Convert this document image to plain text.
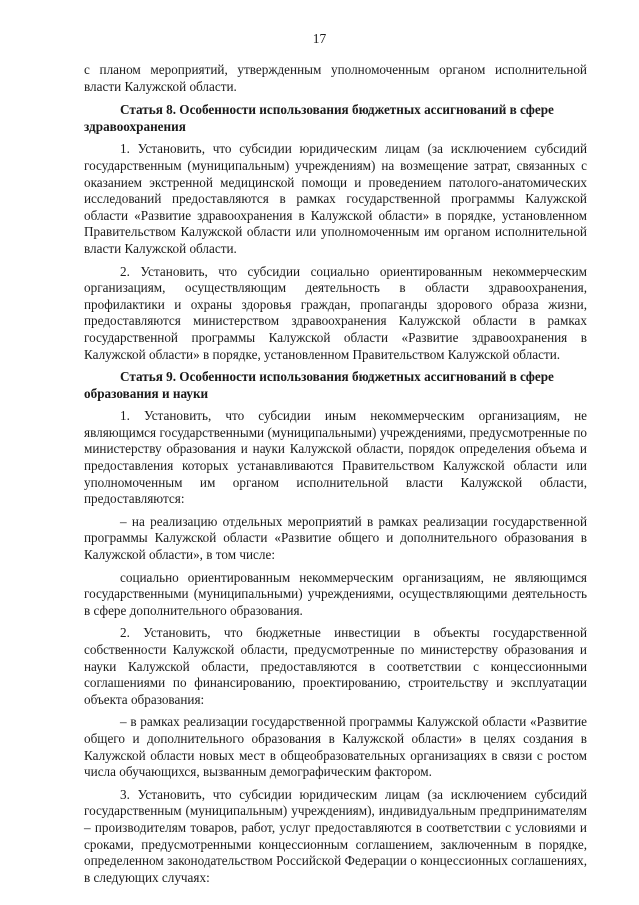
17

с планом мероприятий, утвержденным уполномоченным органом исполнительной власти Калужской области.

Статья 8. Особенности использования бюджетных ассигнований в сфере здравоохранения

1. Установить, что субсидии юридическим лицам (за исключением субсидий государственным (муниципальным) учреждениям) на возмещение затрат, связанных с оказанием экстренной медицинской помощи и проведением патолого-анатомических исследований предоставляются в рамках государственной программы Калужской области «Развитие здравоохранения в Калужской области» в порядке, установленном Правительством Калужской области или уполномоченным им органом исполнительной власти Калужской области.

2. Установить, что субсидии социально ориентированным некоммерческим организациям, осуществляющим деятельность в области здравоохранения, профилактики и охраны здоровья граждан, пропаганды здорового образа жизни, предоставляются министерством здравоохранения Калужской области в рамках государственной программы Калужской области «Развитие здравоохранения в Калужской области» в порядке, установленном Правительством Калужской области.

Статья 9. Особенности использования бюджетных ассигнований в сфере образования и науки

1. Установить, что субсидии иным некоммерческим организациям, не являющимся государственными (муниципальными) учреждениями, предусмотренные по министерству образования и науки Калужской области, порядок определения объема и предоставления которых устанавливаются Правительством Калужской области или уполномоченным им органом исполнительной власти Калужской области, предоставляются:

– на реализацию отдельных мероприятий в рамках реализации государственной программы Калужской области «Развитие общего и дополнительного образования в Калужской области», в том числе:

социально ориентированным некоммерческим организациям, не являющимся государственными (муниципальными) учреждениями, осуществляющими деятельность в сфере дополнительного образования.

2. Установить, что бюджетные инвестиции в объекты государственной собственности Калужской области, предусмотренные по министерству образования и науки Калужской области, предоставляются в соответствии с концессионными соглашениями по финансированию, проектированию, строительству и эксплуатации объекта образования:

– в рамках реализации государственной программы Калужской области «Развитие общего и дополнительного образования в Калужской области» в целях создания в Калужской области новых мест в общеобразовательных организациях в связи с ростом числа обучающихся, вызванным демографическим фактором.

3. Установить, что субсидии юридическим лицам (за исключением субсидий государственным (муниципальным) учреждениям), индивидуальным предпринимателям – производителям товаров, работ, услуг предоставляются в соответствии с условиями и сроками, предусмотренными концессионным соглашением, заключенным в порядке, определенном законодательством Российской Федерации о концессионных соглашениях, в следующих случаях:
